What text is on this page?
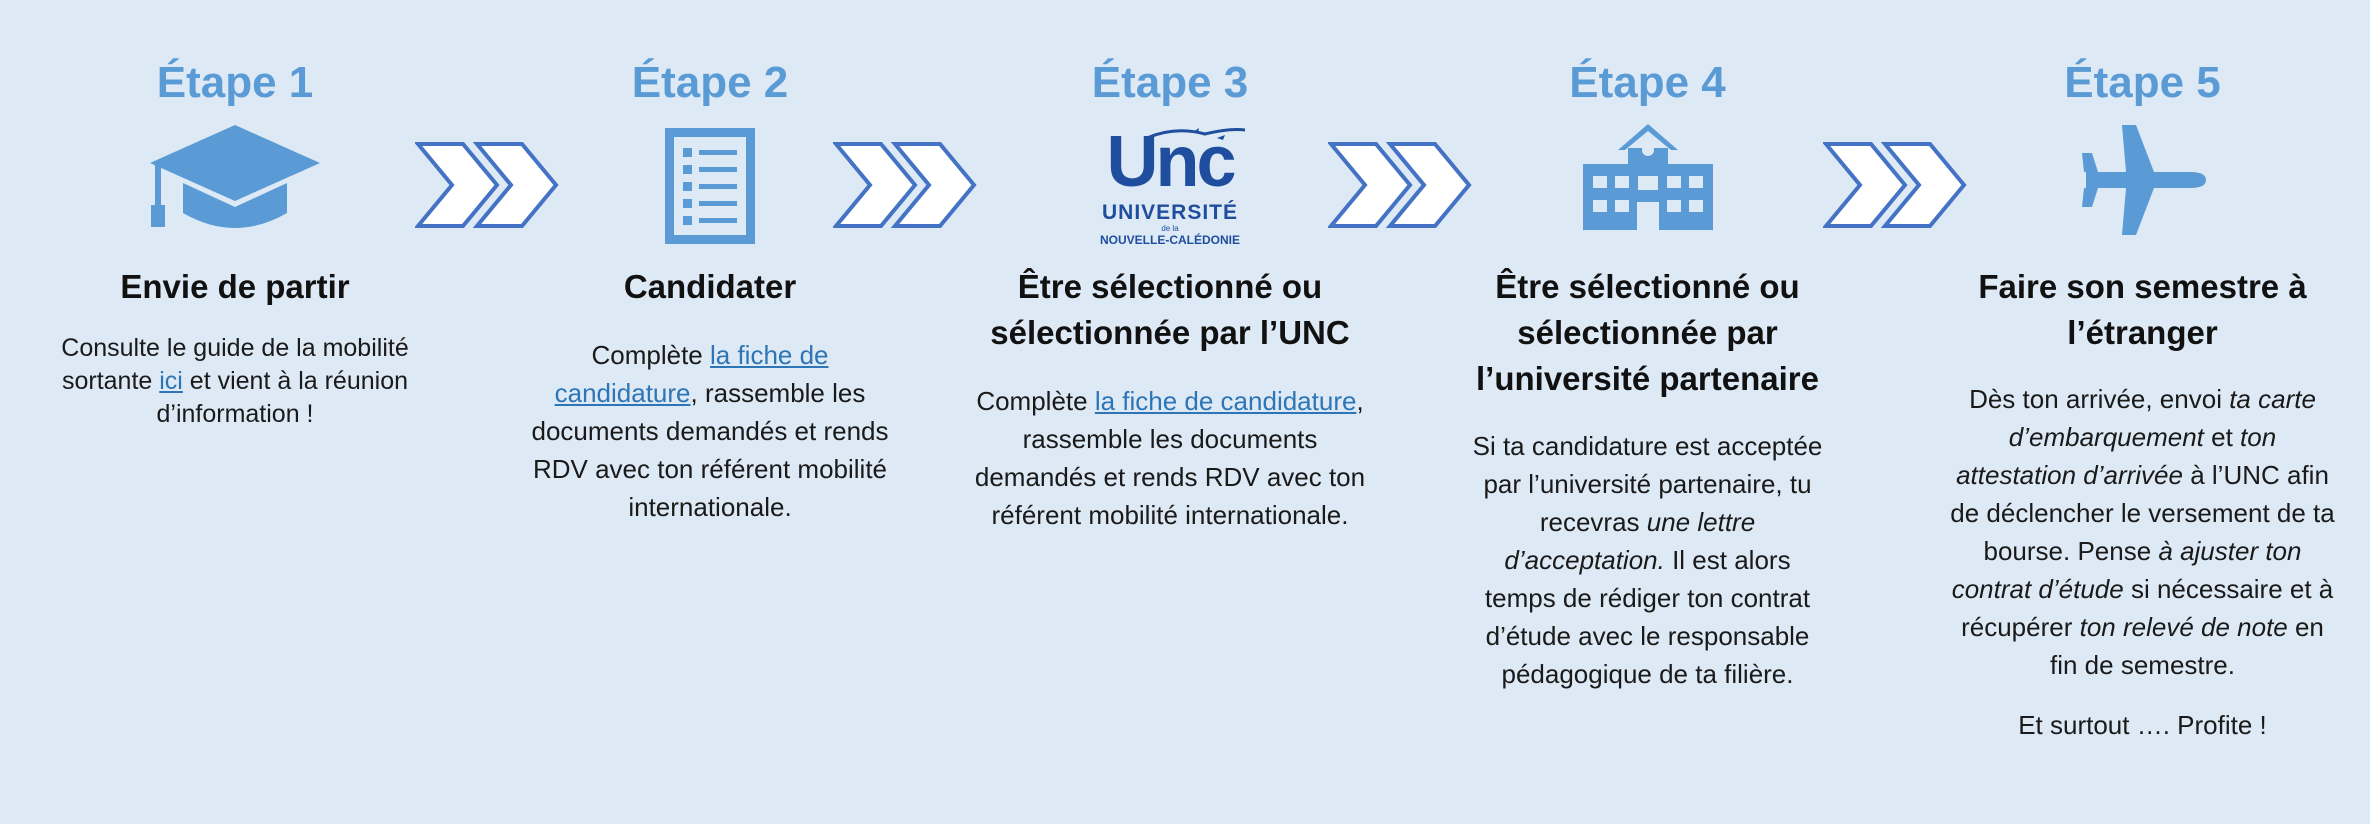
Étape 1
Envie de partir
Consulte le guide de la mobilité sortante ici et vient à la réunion d’information !
Étape 2
Candidater
Complète la fiche de candidature, rassemble les documents demandés et rends RDV avec ton référent mobilité internationale.
Étape 3
Unc
UNIVERSITÉ
de la
NOUVELLE-CALÉDONIE
Être sélectionné ou sélectionnée par l’UNC
Complète la fiche de candidature, rassemble les documents demandés et rends RDV avec ton référent mobilité internationale.
Étape 4
Être sélectionné ou sélectionnée par l’université partenaire
Si ta candidature est acceptée par l’université partenaire, tu recevras une lettre d’acceptation. Il est alors temps de rédiger ton contrat d’étude avec le responsable pédagogique de ta filière.
Étape 5
Faire son semestre à l’étranger
Dès ton arrivée, envoi ta carte d’embarquement et ton attestation d’arrivée à l’UNC afin de déclencher le versement de ta bourse. Pense à ajuster ton contrat d’étude si nécessaire et à récupérer ton relevé de note en fin de semestre.
Et surtout …. Profite !
